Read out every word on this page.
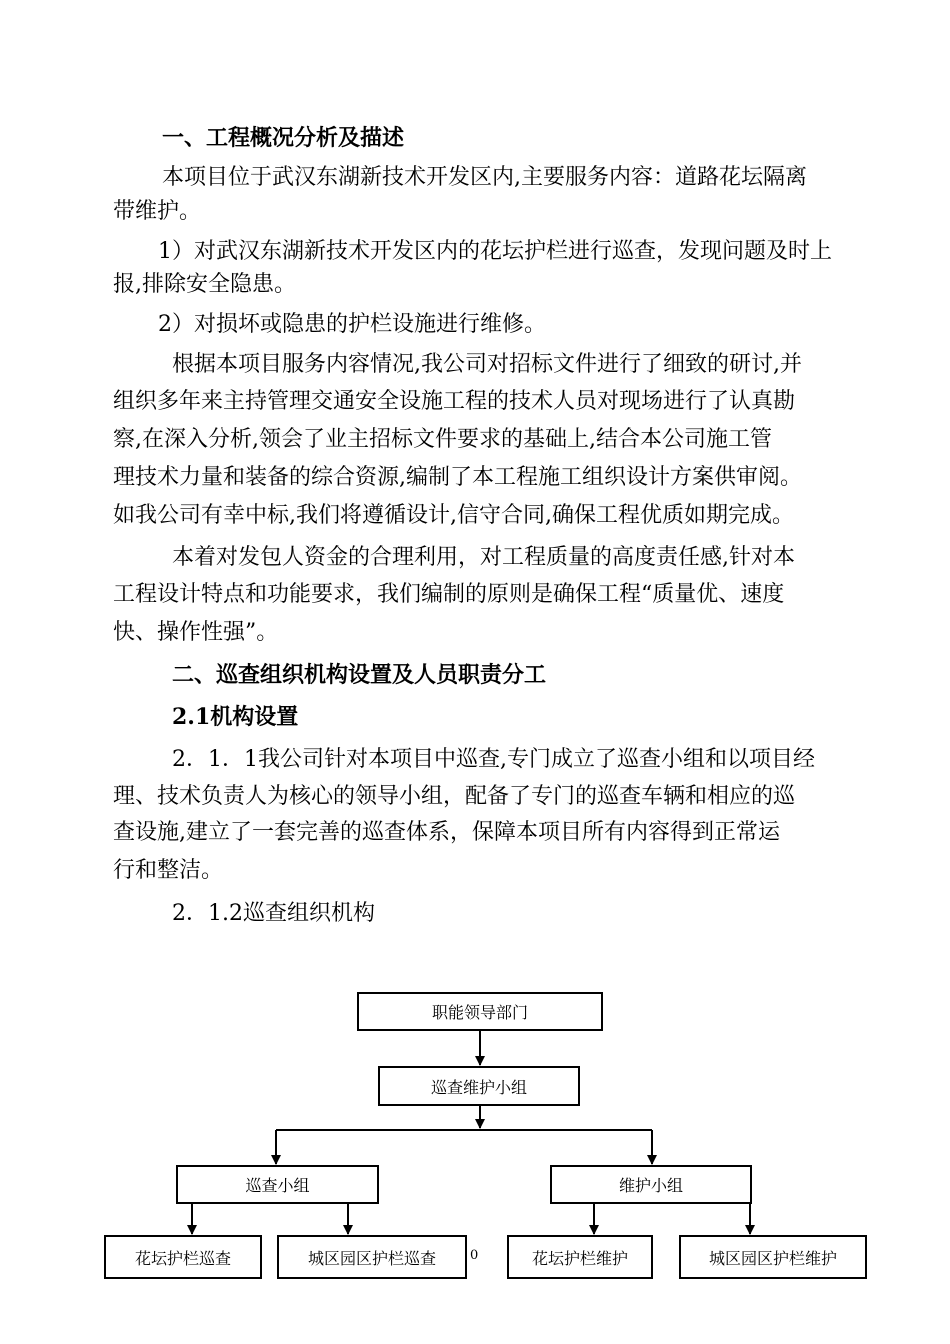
一、工程概况分析及描述

本项目位于武汉东湖新技术开发区内,主要服务内容：道路花坛隔离

带维护。

1）对武汉东湖新技术开发区内的花坛护栏进行巡查，发现问题及时上

报,排除安全隐患。

2）对损坏或隐患的护栏设施进行维修。

根据本项目服务内容情况,我公司对招标文件进行了细致的研讨,并

组织多年来主持管理交通安全设施工程的技术人员对现场进行了认真勘

察,在深入分析,领会了业主招标文件要求的基础上,结合本公司施工管

理技术力量和装备的综合资源,编制了本工程施工组织设计方案供审阅。

如我公司有幸中标,我们将遵循设计,信守合同,确保工程优质如期完成。

本着对发包人资金的合理利用，对工程质量的高度责任感,针对本

工程设计特点和功能要求，我们编制的原则是确保工程“质量优、速度

快、操作性强”。

二、巡查组织机构设置及人员职责分工

2.1机构设置

2．1．1我公司针对本项目中巡查,专门成立了巡查小组和以项目经

理、技术负责人为核心的领导小组，配备了专门的巡查车辆和相应的巡

查设施,建立了一套完善的巡查体系，保障本项目所有内容得到正常运

行和整洁。

2．1.2巡查组织机构

职能领导部门
巡查维护小组
巡查小组	维护小组
花坛护栏巡查	城区园区护栏巡查	花坛护栏维护	城区园区护栏维护
0
